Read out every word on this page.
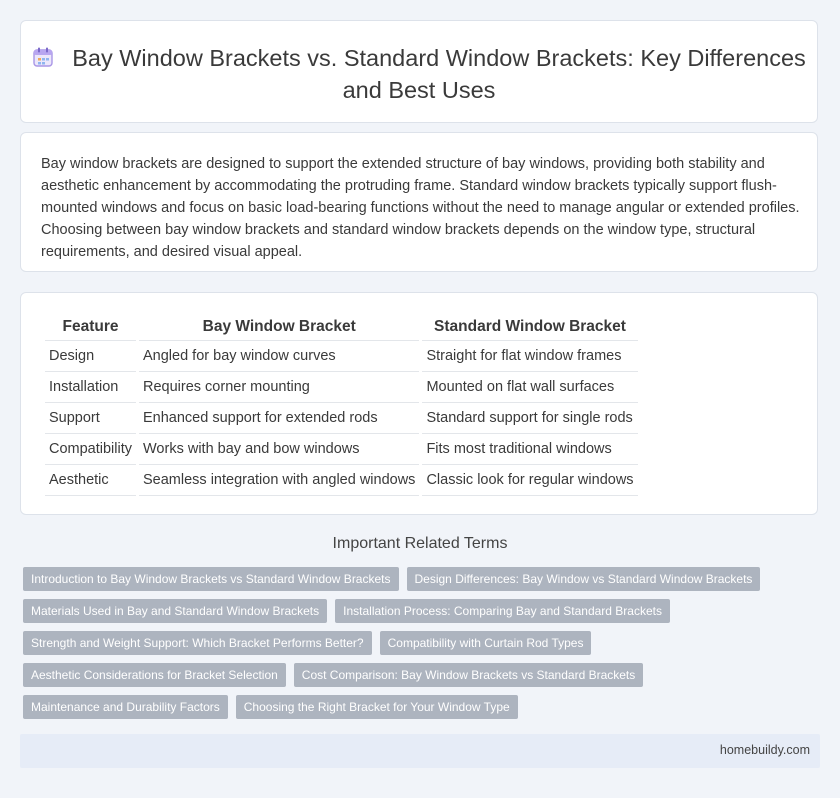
Bay Window Brackets vs. Standard Window Brackets: Key Differences and Best Uses

Bay window brackets are designed to support the extended structure of bay windows, providing both stability and aesthetic enhancement by accommodating the protruding frame. Standard window brackets typically support flush-mounted windows and focus on basic load-bearing functions without the need to manage angular or extended profiles. Choosing between bay window brackets and standard window brackets depends on the window type, structural requirements, and desired visual appeal.

Feature	Bay Window Bracket	Standard Window Bracket
Design	Angled for bay window curves	Straight for flat window frames
Installation	Requires corner mounting	Mounted on flat wall surfaces
Support	Enhanced support for extended rods	Standard support for single rods
Compatibility	Works with bay and bow windows	Fits most traditional windows
Aesthetic	Seamless integration with angled windows	Classic look for regular windows
Important Related Terms
Introduction to Bay Window Brackets vs Standard Window Brackets	Design Differences: Bay Window vs Standard Window Brackets
Materials Used in Bay and Standard Window Brackets	Installation Process: Comparing Bay and Standard Brackets
Strength and Weight Support: Which Bracket Performs Better?	Compatibility with Curtain Rod Types
Aesthetic Considerations for Bracket Selection	Cost Comparison: Bay Window Brackets vs Standard Brackets
Maintenance and Durability Factors	Choosing the Right Bracket for Your Window Type
homebuildy.com
